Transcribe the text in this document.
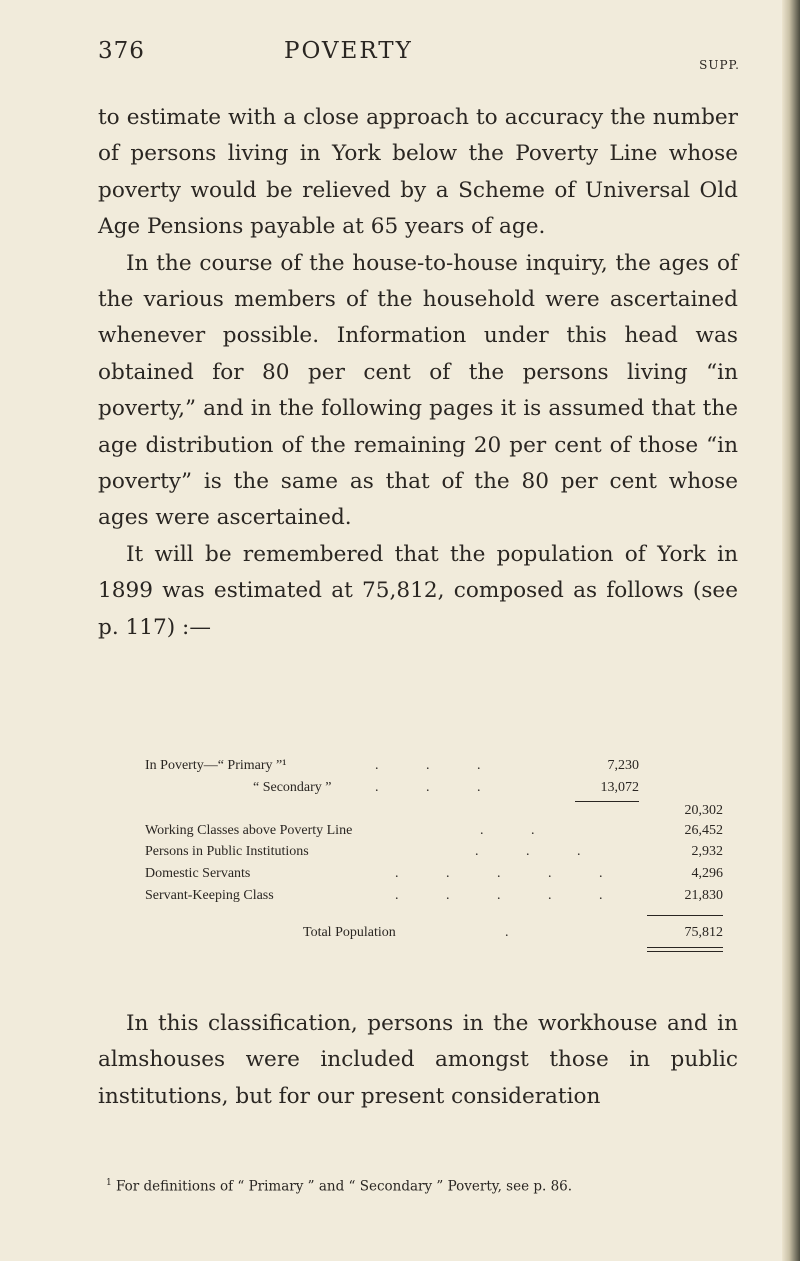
376	POVERTY
SUPP.

to estimate with a close approach to accuracy the number of persons living in York below the Poverty Line whose poverty would be relieved by a Scheme of Universal Old Age Pensions payable at 65 years of age.

In the course of the house-to-house inquiry, the ages of the various members of the household were ascertained whenever possible. Information under this head was obtained for 80 per cent of the persons living “in poverty,” and in the following pages it is assumed that the age distribution of the remaining 20 per cent of those “in poverty” is the same as that of the 80 per cent whose ages were ascertained.

It will be remembered that the population of York in 1899 was estimated at 75,812, composed as follows (see p. 117) :—

In Poverty—“ Primary ”¹	. . .	7,230
“ Secondary ”	. . .	13,072
20,302
Working Classes above Poverty Line	. .	26,452
Persons in Public Institutions	. . .	2,932
Domestic Servants	. . . . .	4,296
Servant-Keeping Class	. . . . .	21,830
Total Population	.	75,812

In this classification, persons in the workhouse and in almshouses were included amongst those in public institutions, but for our present consideration

$^1$ For definitions of “ Primary ” and “ Secondary ” Poverty, see p. 86.
